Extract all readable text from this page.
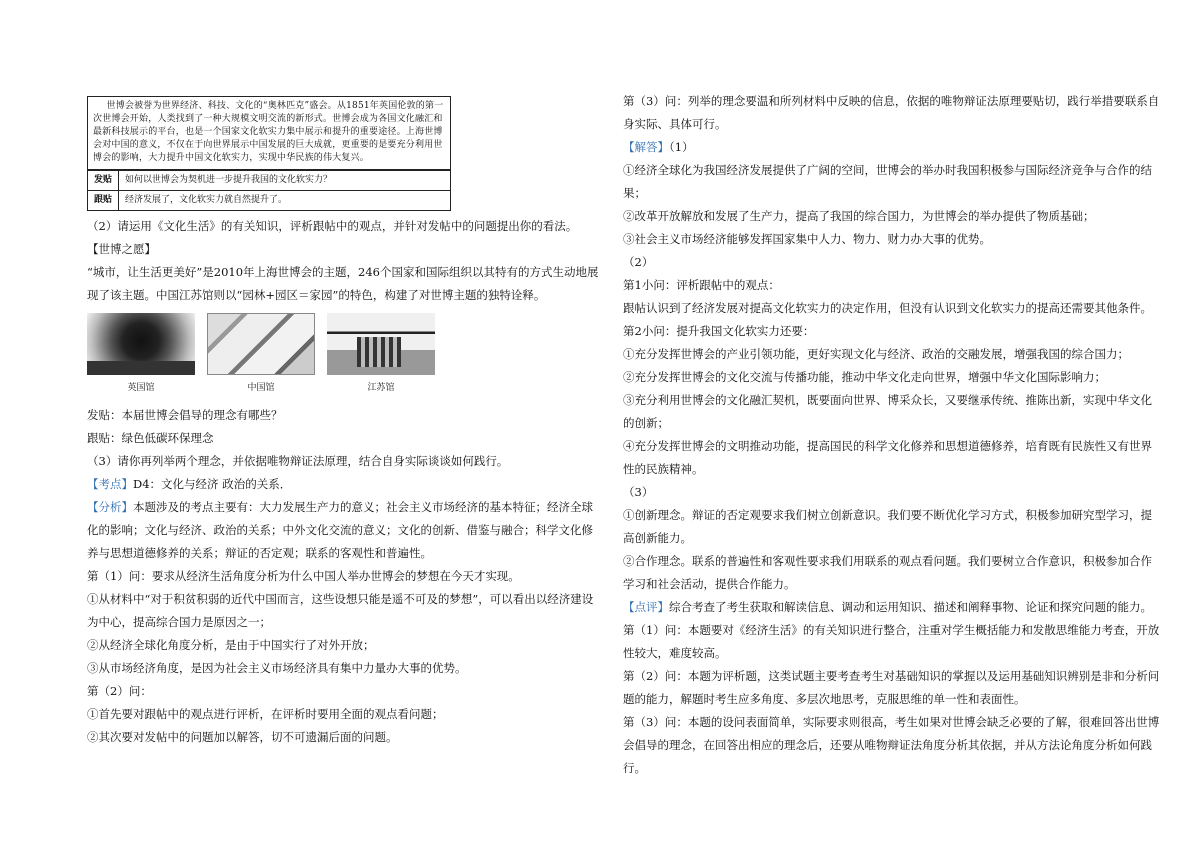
世博会被誉为世界经济、科技、文化的“奥林匹克”盛会。从1851年英国伦敦的第一次世博会开始，人类找到了一种大规模文明交流的新形式。世博会成为各国文化融汇和最新科技展示的平台，也是一个国家文化软实力集中展示和提升的重要途径。上海世博会对中国的意义，不仅在于向世界展示中国发展的巨大成就，更重要的是要充分利用世博会的影响，大力提升中国文化软实力，实现中华民族的伟大复兴。
发贴	如何以世博会为契机进一步提升我国的文化软实力？
跟贴	经济发展了，文化软实力就自然提升了。

（2）请运用《文化生活》的有关知识，评析跟帖中的观点，并针对发帖中的问题提出你的看法。

【世博之愿】

“城市，让生活更美好”是2010年上海世博会的主题，246个国家和国际组织以其特有的方式生动地展现了该主题。中国江苏馆则以“园林+园区＝家园”的特色，构建了对世博主题的独特诠释。

英国馆	中国馆	江苏馆

发贴：本届世博会倡导的理念有哪些？

跟贴：绿色低碳环保理念

（3）请你再列举两个理念，并依据唯物辩证法原理，结合自身实际谈谈如何践行。

【考点】D4：文化与经济 政治的关系．

【分析】本题涉及的考点主要有：大力发展生产力的意义；社会主义市场经济的基本特征；经济全球化的影响；文化与经济、政治的关系；中外文化交流的意义；文化的创新、借鉴与融合；科学文化修养与思想道德修养的关系；辩证的否定观；联系的客观性和普遍性。

第（1）问：要求从经济生活角度分析为什么中国人举办世博会的梦想在今天才实现。

①从材料中“对于积贫积弱的近代中国而言，这些设想只能是遥不可及的梦想”，可以看出以经济建设为中心，提高综合国力是原因之一；

②从经济全球化角度分析，是由于中国实行了对外开放；

③从市场经济角度，是因为社会主义市场经济具有集中力量办大事的优势。

第（2）问：

①首先要对跟帖中的观点进行评析，在评析时要用全面的观点看问题；

②其次要对发帖中的问题加以解答，切不可遗漏后面的问题。

第（3）问：列举的理念要温和所列材料中反映的信息，依据的唯物辩证法原理要贴切，践行举措要联系自身实际、具体可行。

【解答】（1）

①经济全球化为我国经济发展提供了广阔的空间，世博会的举办时我国积极参与国际经济竞争与合作的结果；

②改革开放解放和发展了生产力，提高了我国的综合国力，为世博会的举办提供了物质基础；

③社会主义市场经济能够发挥国家集中人力、物力、财力办大事的优势。

（2）

第1小问：评析跟帖中的观点：

跟帖认识到了经济发展对提高文化软实力的决定作用，但没有认识到文化软实力的提高还需要其他条件。

第2小问：提升我国文化软实力还要：

①充分发挥世博会的产业引领功能，更好实现文化与经济、政治的交融发展，增强我国的综合国力；

②充分发挥世博会的文化交流与传播功能，推动中华文化走向世界，增强中华文化国际影响力；

③充分利用世博会的文化融汇契机，既要面向世界、博采众长，又要继承传统、推陈出新，实现中华文化的创新；

④充分发挥世博会的文明推动功能，提高国民的科学文化修养和思想道德修养，培育既有民族性又有世界性的民族精神。

（3）

①创新理念。辩证的否定观要求我们树立创新意识。我们要不断优化学习方式，积极参加研究型学习，提高创新能力。

②合作理念。联系的普遍性和客观性要求我们用联系的观点看问题。我们要树立合作意识，积极参加合作学习和社会活动，提供合作能力。

【点评】综合考查了考生获取和解读信息、调动和运用知识、描述和阐释事物、论证和探究问题的能力。

第（1）问：本题要对《经济生活》的有关知识进行整合，注重对学生概括能力和发散思维能力考查，开放性较大，难度较高。

第（2）问：本题为评析题，这类试题主要考查考生对基础知识的掌握以及运用基础知识辨别是非和分析问题的能力，解题时考生应多角度、多层次地思考，克服思维的单一性和表面性。

第（3）问：本题的设问表面简单，实际要求则很高，考生如果对世博会缺乏必要的了解，很难回答出世博会倡导的理念，在回答出相应的理念后，还要从唯物辩证法角度分析其依据，并从方法论角度分析如何践行。
